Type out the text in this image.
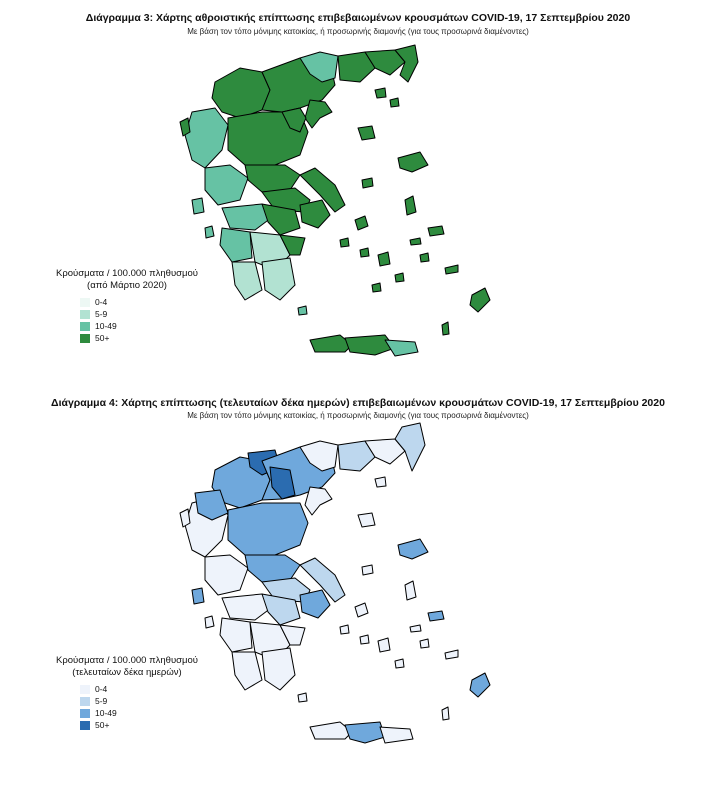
Διάγραμμα 3: Χάρτης αθροιστικής επίπτωσης επιβεβαιωμένων κρουσμάτων COVID-19, 17 Σεπτεμβρίου 2020
Με βάση τον τόπο μόνιμης κατοικίας, ή προσωρινής διαμονής (για τους προσωρινά διαμένοντες)
Κρούσματα / 100.000 πληθυσμού
(από Μάρτιο 2020)
0-4
5-9
10-49
50+
Διάγραμμα 4: Χάρτης επίπτωσης (τελευταίων δέκα ημερών) επιβεβαιωμένων κρουσμάτων COVID-19, 17 Σεπτεμβρίου 2020
Με βάση τον τόπο μόνιμης κατοικίας, ή προσωρινής διαμονής (για τους προσωρινά διαμένοντες)
Κρούσματα / 100.000 πληθυσμού
(τελευταίων δέκα ημερών)
0-4
5-9
10-49
50+
